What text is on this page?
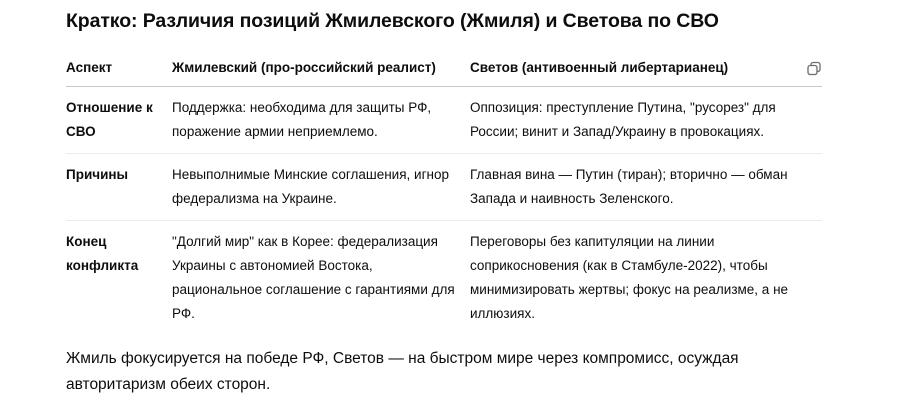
Кратко: Различия позиций Жмилевского (Жмиля) и Светова по СВО
Аспект	Жмилевский (про-российский реалист)	Светов (антивоенный либертарианец)
Отношение к СВО	Поддержка: необходима для защиты РФ, поражение армии неприемлемо.	Оппозиция: преступление Путина, "русорез" для России; винит и Запад/Украину в провокациях.
Причины	Невыполнимые Минские соглашения, игнор федерализма на Украине.	Главная вина — Путин (тиран); вторично — обман Запада и наивность Зеленского.
Конец конфликта	"Долгий мир" как в Корее: федерализация Украины с автономией Востока, рациональное соглашение с гарантиями для РФ.	Переговоры без капитуляции на линии соприкосновения (как в Стамбуле-2022), чтобы минимизировать жертвы; фокус на реализме, а не иллюзиях.
Жмиль фокусируется на победе РФ, Светов — на быстром мире через компромисс, осуждая авторитаризм обеих сторон.
